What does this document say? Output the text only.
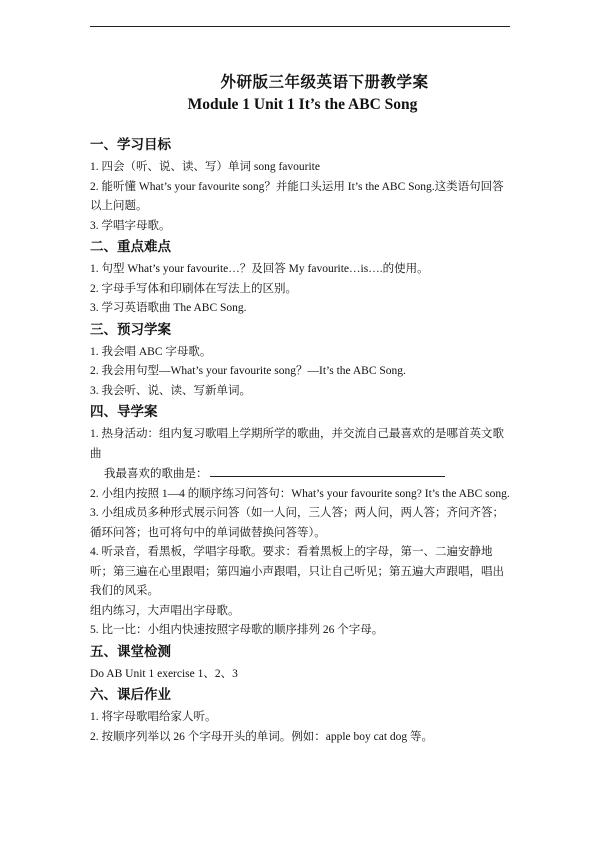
外研版三年级英语下册教学案
Module 1 Unit 1 It’s the ABC Song
一、学习目标

1. 四会（听、说、读、写）单词 song favourite

2. 能听懂 What’s your favourite song？并能口头运用 It’s the ABC Song.这类语句回答以上问题。

3. 学唱字母歌。

二、重点难点

1. 句型 What’s your favourite…？及回答 My favourite…is….的使用。

2. 字母手写体和印刷体在写法上的区别。

3. 学习英语歌曲 The ABC Song.

三、预习学案

1. 我会唱 ABC 字母歌。

2. 我会用句型—What’s your favourite song？—It’s the ABC Song.

3. 我会听、说、读、写新单词。

四、导学案

1. 热身活动：组内复习歌唱上学期所学的歌曲，并交流自己最喜欢的是哪首英文歌曲

我最喜欢的歌曲是：

2. 小组内按照 1—4 的顺序练习问答句：What’s your favourite song? It’s the ABC song.

3. 小组成员多种形式展示问答（如一人问，三人答；两人问，两人答；齐问齐答；循环问答；也可将句中的单词做替换问答等）。

4. 听录音，看黑板，学唱字母歌。要求：看着黑板上的字母，第一、二遍安静地听；第三遍在心里跟唱；第四遍小声跟唱，只让自己听见；第五遍大声跟唱，唱出我们的风采。

组内练习，大声唱出字母歌。

5. 比一比：小组内快速按照字母歌的顺序排列 26 个字母。

五、课堂检测

Do AB Unit 1 exercise 1、2、3

六、课后作业

1. 将字母歌唱给家人听。

2. 按顺序列举以 26 个字母开头的单词。例如：apple boy cat dog 等。
